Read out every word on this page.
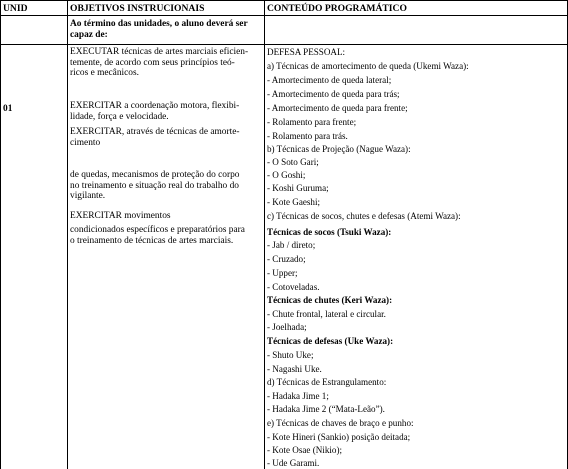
UNID	OBJETIVOS INSTRUCIONAIS	CONTEÚDO PROGRAMÁTICO
Ao término das unidades, o aluno deverá ser
capaz de:
01
EXECUTAR técnicas de artes marciais eficien-
temente, de acordo com seus princípios teó-
ricos e mecânicos.
EXERCITAR a coordenação motora, flexibi-
lidade, força e velocidade.
EXERCITAR, através de técnicas de amorte-
cimento
de quedas, mecanismos de proteção do corpo
no treinamento e situação real do trabalho do
vigilante.
EXERCITAR movimentos
condicionados específicos e preparatórios para
o treinamento de técnicas de artes marciais.
DEFESA PESSOAL:
a) Técnicas de amortecimento de queda (Ukemi Waza):
- Amortecimento de queda lateral;
- Amortecimento de queda para trás;
- Amortecimento de queda para frente;
- Rolamento para frente;
- Rolamento para trás.
b) Técnicas de Projeção (Nague Waza):
- O Soto Gari;
- O Goshi;
- Koshi Guruma;
- Kote Gaeshi;
c) Técnicas de socos, chutes e defesas (Atemi Waza):
Técnicas de socos (Tsuki Waza):
- Jab / direto;
- Cruzado;
- Upper;
- Cotoveladas.
Técnicas de chutes (Keri Waza):
- Chute frontal, lateral e circular.
- Joelhada;
Técnicas de defesas (Uke Waza):
- Shuto Uke;
- Nagashi Uke.
d) Técnicas de Estrangulamento:
- Hadaka Jime 1;
- Hadaka Jime 2 (“Mata-Leão”).
e) Técnicas de chaves de braço e punho:
- Kote Hineri (Sankio) posição deitada;
- Kote Osae (Nikio);
- Ude Garami.
